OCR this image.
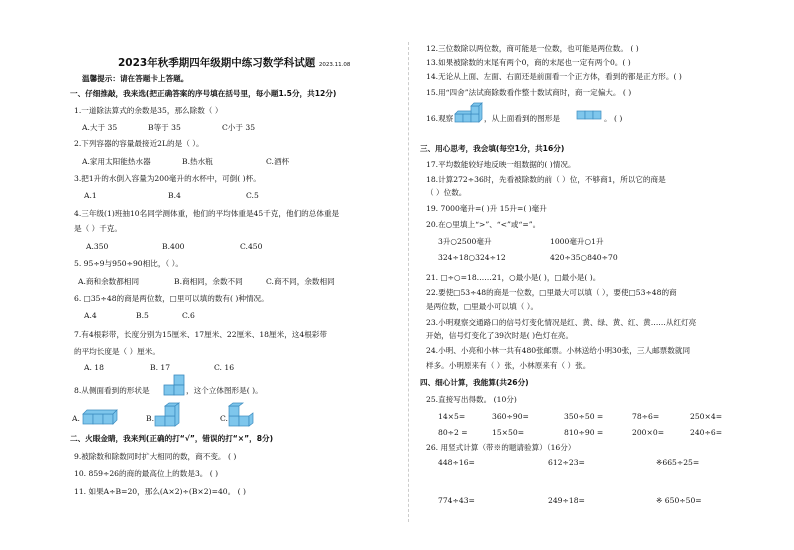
2023年秋季期四年级期中练习数学科试题 2023.11.08
温馨提示：请在答题卡上答题。
一、仔细推敲，我来选(把正确答案的序号填在括号里，每小题1.5分，共12分)
1.一道除法算式的余数是35，那么除数（ ）
A.大于 35	B等于 35	C小于 35
2.下列容器的容量最接近2L的是（ ）。
A.家用太阳能热水器	B.热水瓶	C.酒杯
3.把1升的水倒入容量为200毫升的水杯中，可倒( )杯。
A.1	B.4	C.5
4.三年级(1)班抽10名同学测体重，他们的平均体重是45千克，他们的总体重是
是（ ）千克。
A.350	B.400	C.450
5. 95÷9与950÷90相比，（ ）。
A.商和余数都相同	B.商相同，余数不同	C.商不同，余数相同
6. □35÷48的商是两位数，□里可以填的数有( )种情况。
A.4	B.5	C.6
7.有4根彩带，长度分别为15厘米、17厘米、22厘米、18厘米，这4根彩带
的平均长度是（ ）厘米。
A. 18	B. 17	C. 16
8.从侧面看到的形状是	，这个立体图形是( )。
A.	B.	C.
二、火眼金睛，我来判(正确的打“√”，错误的打“×”，8分)
9.被除数和除数同时扩大相同的数，商不变。 ( )
10. 859÷26的商的最高位上的数是3。 ( )
11. 如果A÷B=20，那么(A×2)÷(B×2)=40。 ( )
12.三位数除以两位数，商可能是一位数，也可能是两位数。 ( )
13.如果被除数的末尾有两个0，商的末尾也一定有两个0。( )
14.无论从上面、左面、右面还是前面看一个正方体，看到的都是正方形。( )
15.用“四舍”法试商除数看作整十数试商时，商一定偏大。 ( )
16.观察	，从上面看到的图形是	。 ( )
三、用心思考，我会填(每空1分，共16分)
17.平均数能较好地反映一组数据的( )情况。
18.计算272÷36时，先看被除数的前（ ）位，不够商1，所以它的商是
（ ）位数。
19. 7000毫升=( )升 15升=( )毫升
20.在○里填上“>”、“<”或“=”。
3升○2500毫升	1000毫升○1升
324÷18○324÷12	420÷35○840÷70
21. □÷○=18……21，○最小是( )，□最小是( )。
22.要使□53÷48的商是一位数，□里最大可以填（ ），要使□53÷48的商
是两位数，□里最小可以填（ ）。
23.小明观察交通路口的信号灯变化情况是红、黄、绿、黄、红、黄……从红灯亮
开始，信号灯变化了39次时是( )色灯在亮。
24.小明、小亮和小林一共有480张邮票。小林送给小明30张，三人邮票数就同
样多。小明原来有（ ）张，小林原来有（ ）张。
四、细心计算，我能算(共26分)
25.直接写出得数。 (10分)
14×5=	360÷90=	350÷50 =	78÷6=	250×4=
80÷2 =	15×50=	810÷90 =	200×0=	240÷6=
26. 用竖式计算（带※的题请验算）（16分）
448÷16=	612÷23=	※665÷25=
774÷43=	249÷18=	※ 650÷50=
